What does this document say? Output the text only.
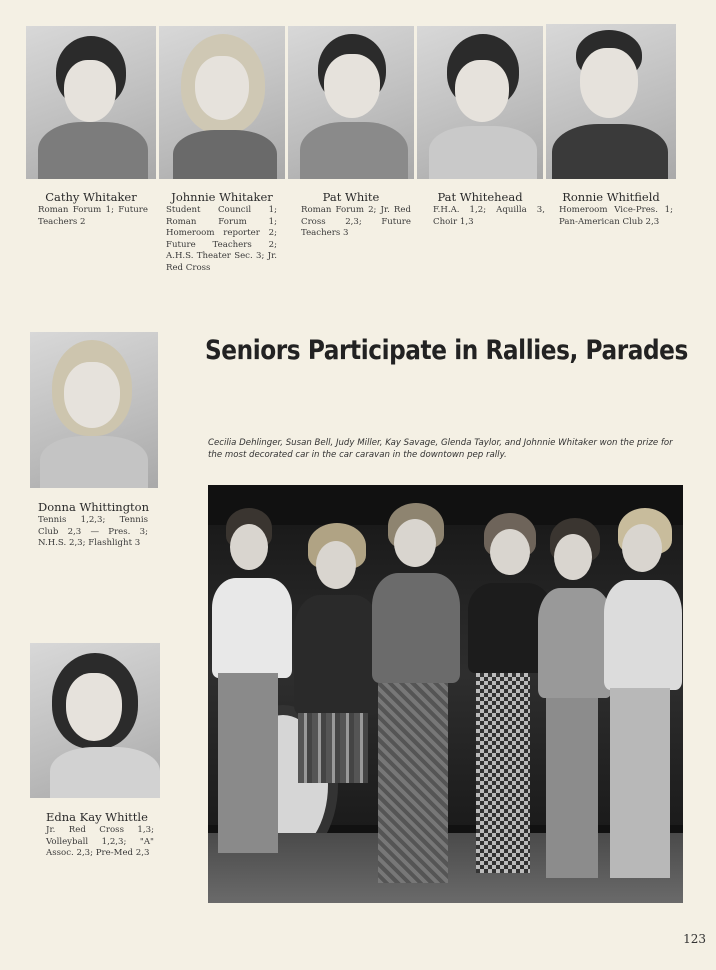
Cathy Whitaker
Roman Forum 1; Future Teachers 2
Johnnie Whitaker
Student Council 1; Roman Forum 1; Homeroom reporter 2; Future Teachers 2; A.H.S. Theater Sec. 3; Jr. Red Cross
Pat White
Roman Forum 2; Jr. Red Cross 2,3; Future Teachers 3
Pat Whitehead
F.H.A. 1,2; Aquilla 3, Choir 1,3
Ronnie Whitfield
Homeroom Vice-Pres. 1; Pan-American Club 2,3
Donna Whittington
Tennis 1,2,3; Tennis Club 2,3 — Pres. 3; N.H.S. 2,3; Flashlight 3
Edna Kay Whittle
Jr. Red Cross 1,3; Volleyball 1,2,3; "A" Assoc. 2,3; Pre-Med 2,3
Seniors Participate in Rallies, Parades
Cecilia Dehlinger, Susan Bell, Judy Miller, Kay Savage, Glenda Taylor, and Johnnie Whitaker won the prize for the most decorated car in the car caravan in the downtown pep rally.
123
